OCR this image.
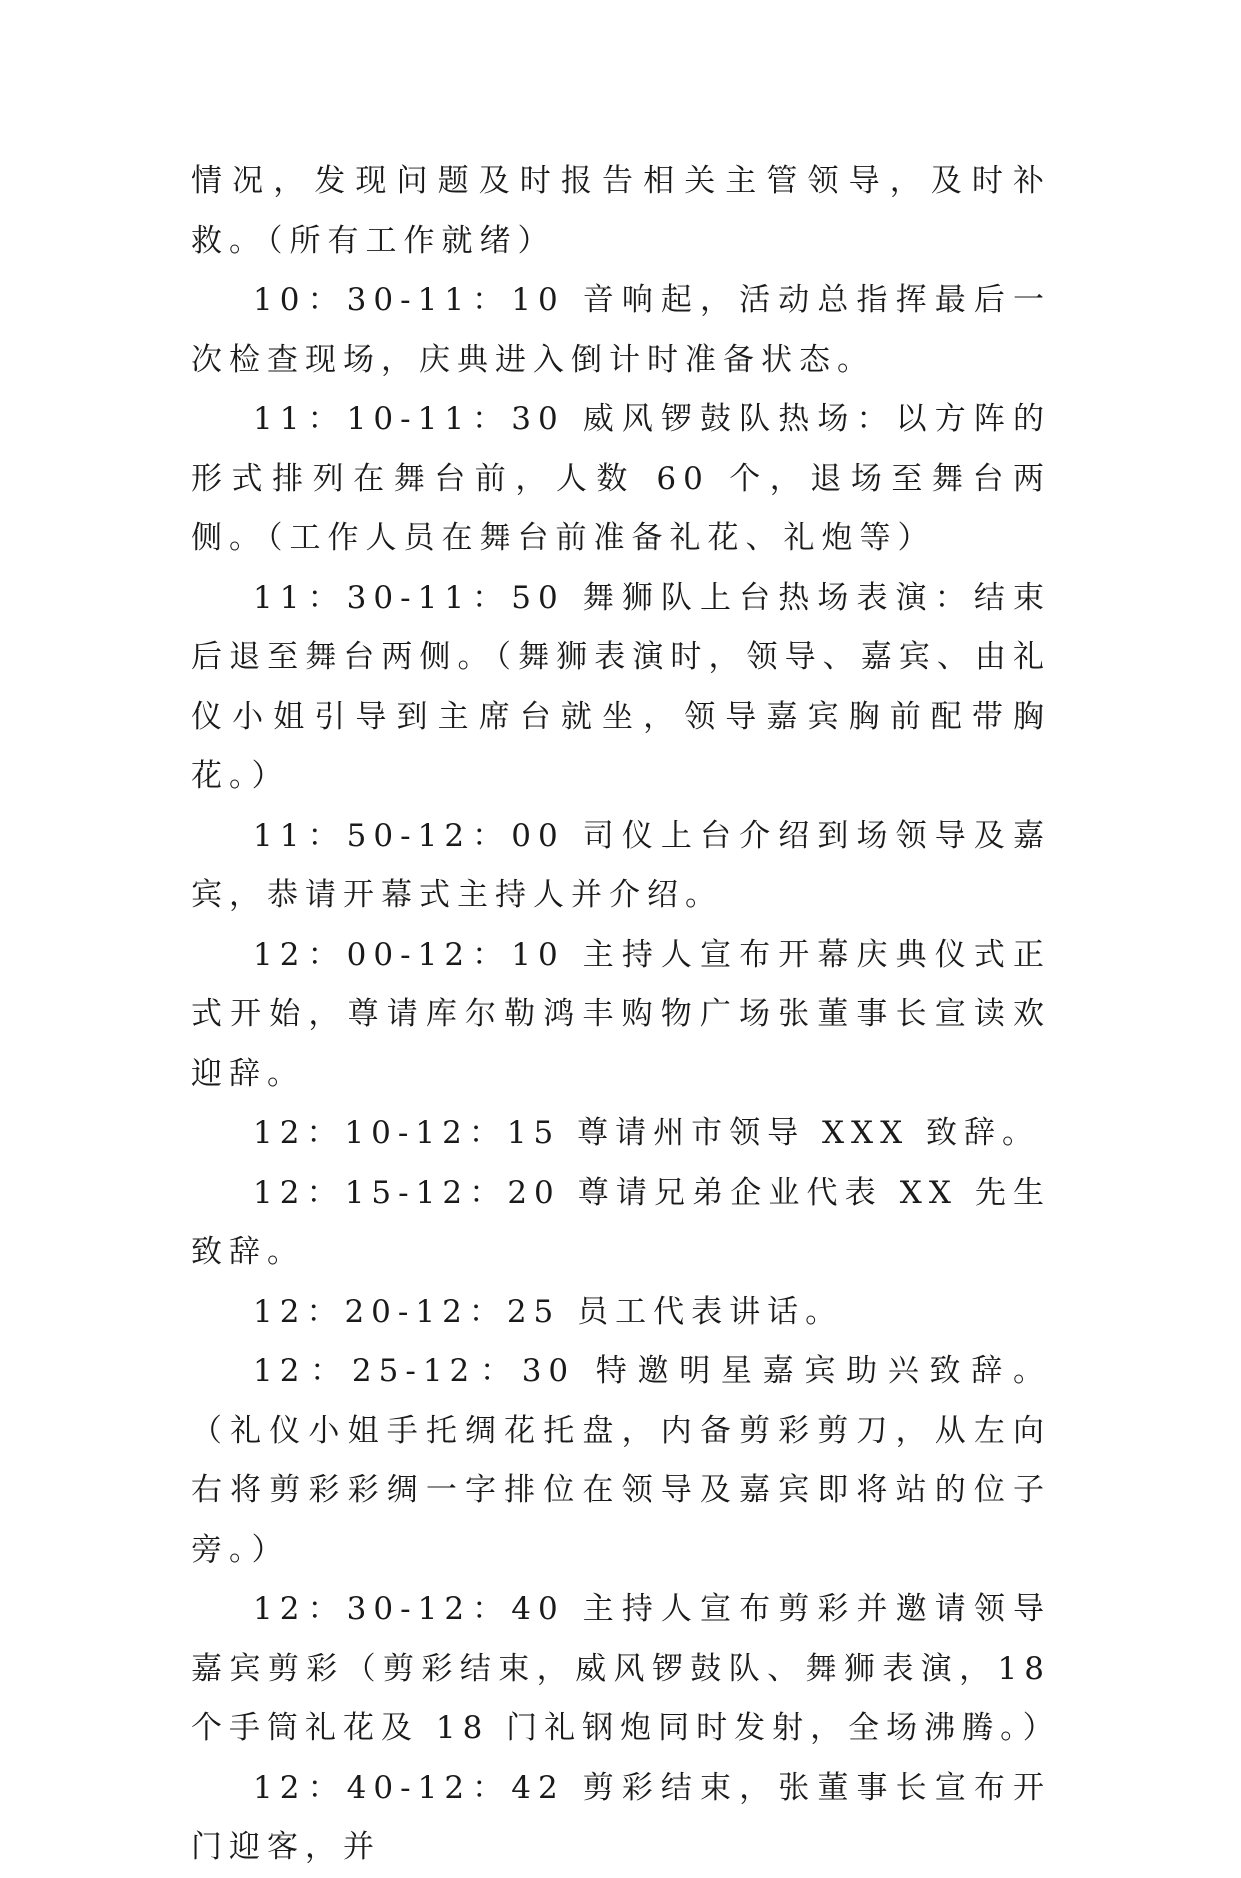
情况，发现问题及时报告相关主管领导，及时补救。（所有工作就绪）

10：30-11：10 音响起，活动总指挥最后一次检查现场，庆典进入倒计时准备状态。

11：10-11：30 威风锣鼓队热场：以方阵的形式排列在舞台前，人数 60 个，退场至舞台两侧。（工作人员在舞台前准备礼花、礼炮等）

11：30-11：50 舞狮队上台热场表演：结束后退至舞台两侧。（舞狮表演时，领导、嘉宾、由礼仪小姐引导到主席台就坐，领导嘉宾胸前配带胸花。）

11：50-12：00 司仪上台介绍到场领导及嘉宾，恭请开幕式主持人并介绍。

12：00-12：10 主持人宣布开幕庆典仪式正式开始，尊请库尔勒鸿丰购物广场张董事长宣读欢迎辞。

12：10-12：15 尊请州市领导 XXX 致辞。

12：15-12：20 尊请兄弟企业代表 XX 先生致辞。

12：20-12：25 员工代表讲话。

12：25-12：30 特邀明星嘉宾助兴致辞。（礼仪小姐手托绸花托盘，内备剪彩剪刀，从左向右将剪彩彩绸一字排位在领导及嘉宾即将站的位子旁。）

12：30-12：40 主持人宣布剪彩并邀请领导嘉宾剪彩（剪彩结束，威风锣鼓队、舞狮表演，18 个手筒礼花及 18 门礼钢炮同时发射，全场沸腾。）

12：40-12：42 剪彩结束，张董事长宣布开门迎客，并
